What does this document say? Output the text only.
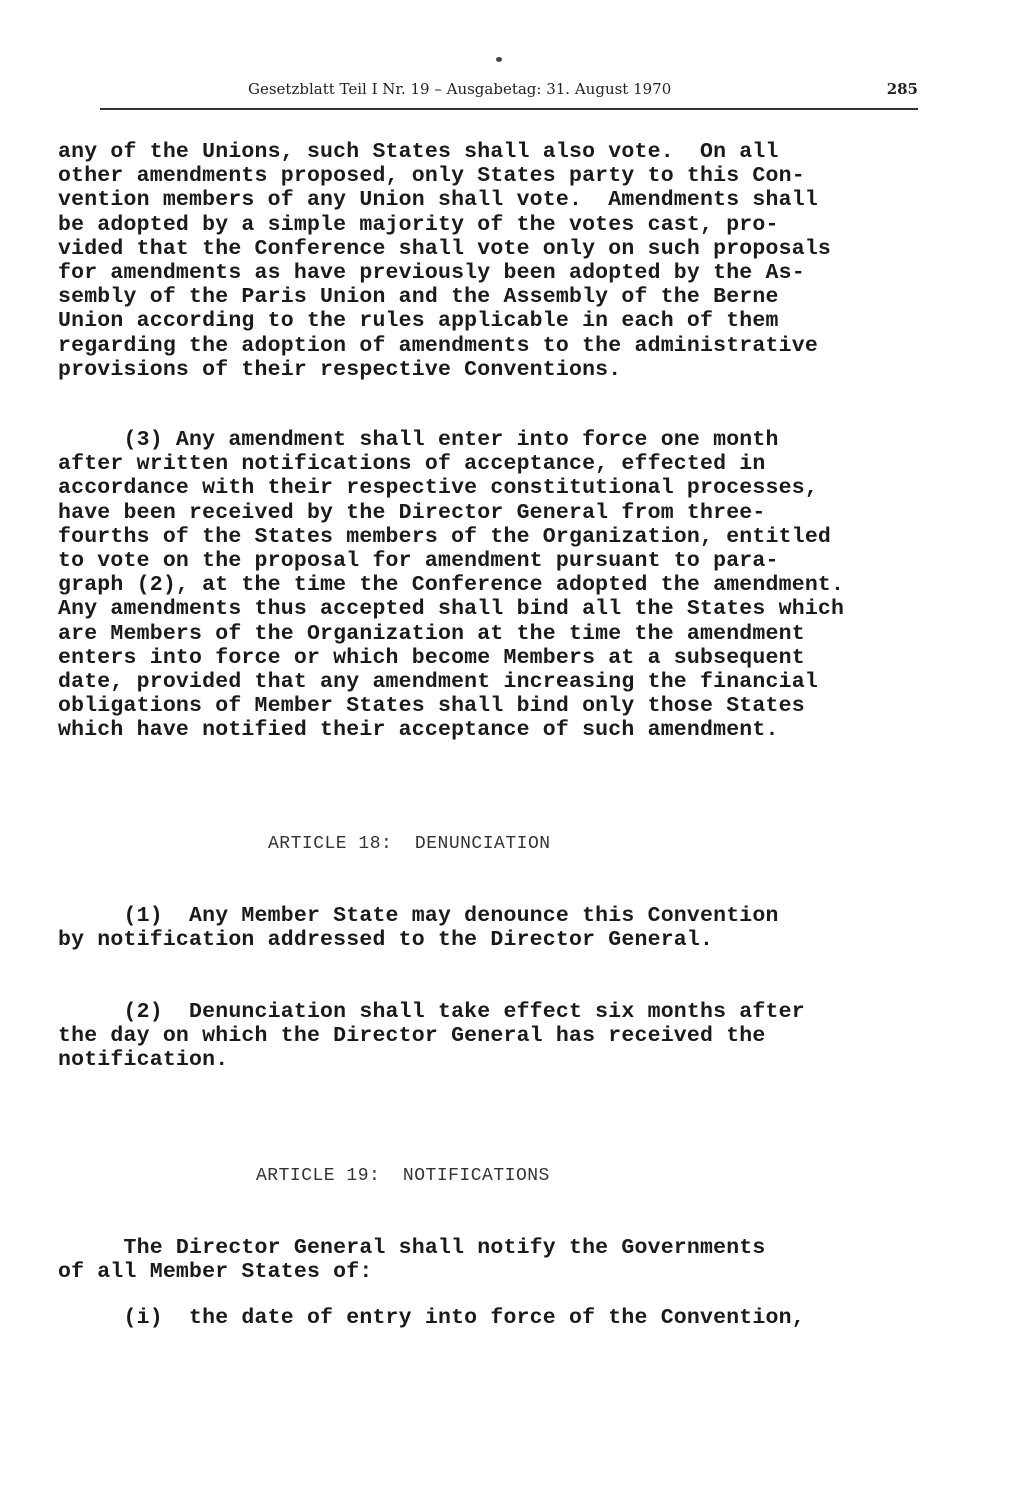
Gesetzblatt Teil I Nr. 19 – Ausgabetag: 31. August 1970	285
any of the Unions, such States shall also vote.  On all
other amendments proposed, only States party to this Con-
vention members of any Union shall vote.  Amendments shall
be adopted by a simple majority of the votes cast, pro-
vided that the Conference shall vote only on such proposals
for amendments as have previously been adopted by the As-
sembly of the Paris Union and the Assembly of the Berne
Union according to the rules applicable in each of them
regarding the adoption of amendments to the administrative
provisions of their respective Conventions.
(3) Any amendment shall enter into force one month
after written notifications of acceptance, effected in
accordance with their respective constitutional processes,
have been received by the Director General from three-
fourths of the States members of the Organization, entitled
to vote on the proposal for amendment pursuant to para-
graph (2), at the time the Conference adopted the amendment.
Any amendments thus accepted shall bind all the States which
are Members of the Organization at the time the amendment
enters into force or which become Members at a subsequent
date, provided that any amendment increasing the financial
obligations of Member States shall bind only those States
which have notified their acceptance of such amendment.
ARTICLE 18:  DENUNCIATION
(1)  Any Member State may denounce this Convention
by notification addressed to the Director General.
(2)  Denunciation shall take effect six months after
the day on which the Director General has received the
notification.
ARTICLE 19:  NOTIFICATIONS
The Director General shall notify the Governments
of all Member States of:
(i)  the date of entry into force of the Convention,
